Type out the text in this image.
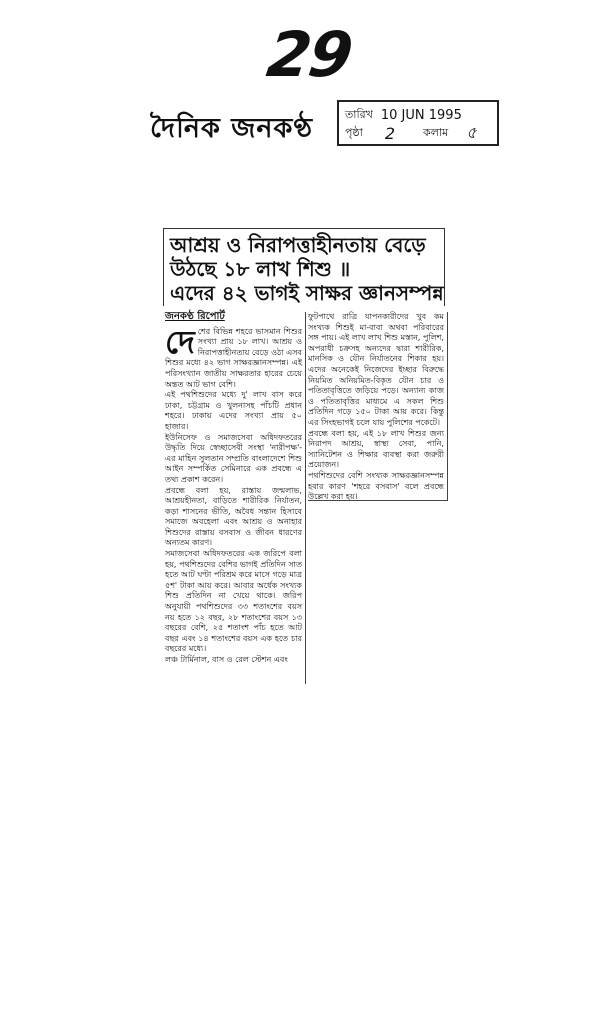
29
দৈনিক জনকণ্ঠ	তারিখ 10 JUN 1995
পৃষ্ঠা 2	কলাম ৫
আশ্রয় ও নিরাপত্তাহীনতায় বেড়ে
উঠছে ১৮ লাখ শিশু ॥
এদের ৪২ ভাগই সাক্ষর জ্ঞানসম্পন্ন

জনকণ্ঠ রিপোর্ট

দেশের বিভিন্ন শহরে ভাসমান শিশুর সংখ্যা প্রায় ১৮ লাখ। আশ্রয় ও নিরাপত্তাহীনতায় বেড়ে ওঠা এসব শিশুর মধ্যে ৪২ ভাগ সাক্ষরজ্ঞানসম্পন্ন। এই পরিসংখ্যান জাতীয় সাক্ষরতার হারের চেয়ে অন্তত আট ভাগ বেশি।

এই পথশিশুদের মধ্যে দু' লাখ বাস করে ঢাকা, চট্টগ্রাম ও খুলনাসহ পাঁচটি প্রধান শহরে। ঢাকায় এদের সংখ্যা প্রায় ৫০ হাজার।

ইউনিসেফ ও সমাজসেবা অধিদফতরের উদ্ধৃতি দিয়ে স্বেচ্ছাসেবী সংস্থা 'নারীপক্ষ'-এর মাহিন সুলতান সম্প্রতি বাংলাদেশে শিশু আইন সম্পর্কিত সেমিনারে এক প্রবন্ধে এ তথ্য প্রকাশ করেন।

প্রবন্ধে বলা হয়, রাস্তায় জন্মলাভ, আশ্রয়হীনতা, বাড়িতে শারীরিক নির্যাতন, কড়া শাসনের ভীতি, অবৈধ সন্তান হিসাবে সমাজে অবহেলা এবং আশ্রয় ও অনাহার শিশুদের রাস্তায় বসবাস ও জীবন ধারণের অন্যতম কারণ।

সমাজসেবা অধিদফতরের এক জরিপে বলা হয়, পথশিশুদের বেশির ভাগই প্রতিদিন সাত হতে আট ঘণ্টা পরিশ্রম করে মাসে গড়ে মাত্র ৫শ' টাকা আয় করে। আবার অর্ধেক সংখ্যক শিশু প্রতিদিন না খেয়ে থাকে। জরিপ অনুযায়ী পথশিশুদের ৩৩ শতাংশের বয়স নয় হতে ১২ বছর, ২৮ শতাংশের বয়স ১৩ বছরের বেশি, ২৫ শতাংশ পাঁচ হতে আট বছর এবং ১৪ শতাংশের বয়স এক হতে চার বছরের মধ্যে।

লঞ্চ টার্মিনাল, বাস ও রেল স্টেশন এবং

ফুটপাথে রাত্রি যাপনকারীদের খুব কম সংখ্যক শিশুই মা-বাবা অথবা পরিবারের সঙ্গ পায়। এই লাখ লাখ শিশু মস্তান, পুলিশ, অপরাধী চক্রসহ অন্যদের দ্বারা শারীরিক, মানসিক ও যৌন নির্যাতনের শিকার হয়। এদের অনেকেই নিজেদের ইচ্ছার বিরুদ্ধে নিয়মিত অনিয়মিত-বিকৃত যৌন চার ও পতিতাবৃত্তিতে জড়িয়ে পড়ে। অন্যান্য কাজ ও পতিতাবৃত্তির মাধ্যমে এ সকল শিশু প্রতিদিন গড়ে ১৫০ টাকা আয় করে। কিন্তু এর সিংহভাগই চলে যায় পুলিশের পকেটে।

প্রবন্ধে বলা হয়, এই ১৮ লাখ শিশুর জন্য নিরাপদ আশ্রয়, স্বাস্থ্য সেবা, পানি, স্যানিটেশন ও শিক্ষার ব্যবস্থা করা জরুরী প্রয়োজন।

পথশিশুদের বেশি সংখ্যক সাক্ষরজ্ঞানসম্পন্ন হবার কারণ 'শহরে বসবাস' বলে প্রবন্ধে উল্লেখ করা হয়।
